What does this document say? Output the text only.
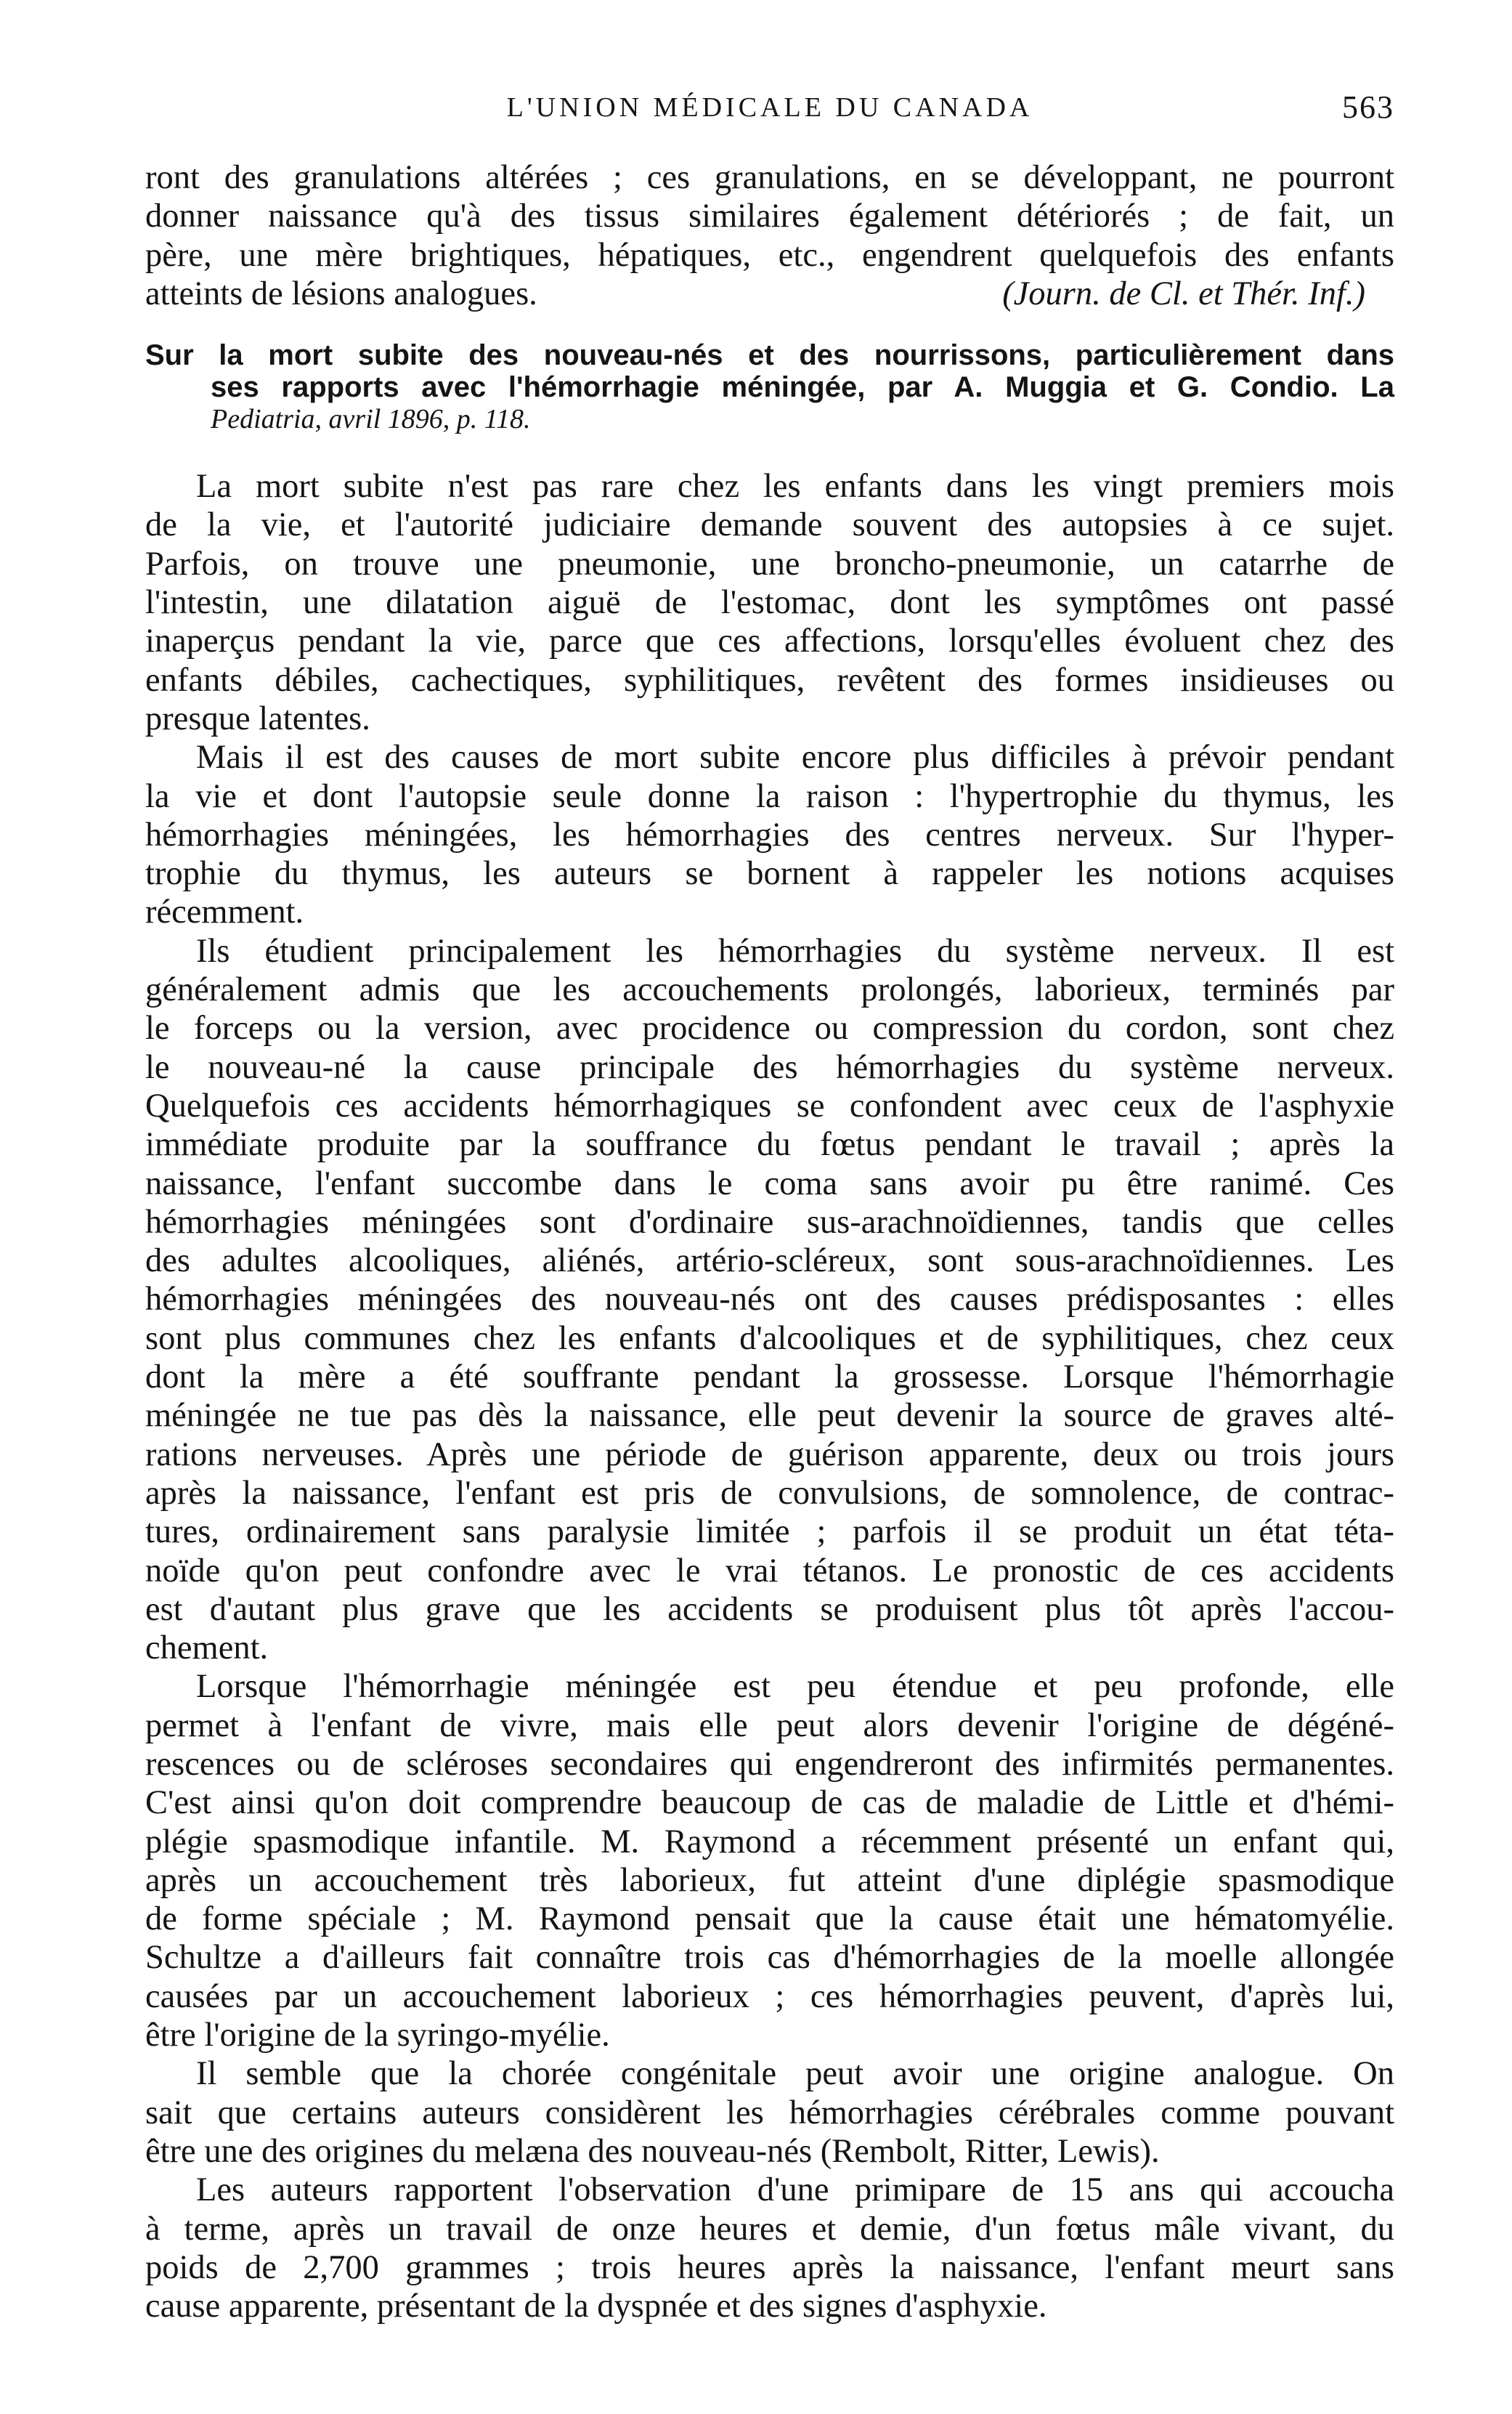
L'UNION MÉDICALE DU CANADA	563
ront des granulations altérées ; ces granulations, en se développant, ne pourront
donner naissance qu'à des tissus similaires également détériorés ; de fait, un
père, une mère brightiques, hépatiques, etc., engendrent quelquefois des enfants
atteints de lésions analogues.	(Journ. de Cl. et Thér. Inf.)
Sur la mort subite des nouveau-nés et des nourrissons, particulièrement dans
ses rapports avec l'hémorrhagie méningée, par A. Muggia et G. Condio. La
Pediatria, avril 1896, p. 118.
La mort subite n'est pas rare chez les enfants dans les vingt premiers mois
de la vie, et l'autorité judiciaire demande souvent des autopsies à ce sujet.
Parfois, on trouve une pneumonie, une broncho-pneumonie, un catarrhe de
l'intestin, une dilatation aiguë de l'estomac, dont les symptômes ont passé
inaperçus pendant la vie, parce que ces affections, lorsqu'elles évoluent chez des
enfants débiles, cachectiques, syphilitiques, revêtent des formes insidieuses ou
presque latentes.
Mais il est des causes de mort subite encore plus difficiles à prévoir pendant
la vie et dont l'autopsie seule donne la raison : l'hypertrophie du thymus, les
hémorrhagies méningées, les hémorrhagies des centres nerveux. Sur l'hyper-
trophie du thymus, les auteurs se bornent à rappeler les notions acquises
récemment.
Ils étudient principalement les hémorrhagies du système nerveux. Il est
généralement admis que les accouchements prolongés, laborieux, terminés par
le forceps ou la version, avec procidence ou compression du cordon, sont chez
le nouveau-né la cause principale des hémorrhagies du système nerveux.
Quelquefois ces accidents hémorrhagiques se confondent avec ceux de l'asphyxie
immédiate produite par la souffrance du fœtus pendant le travail ; après la
naissance, l'enfant succombe dans le coma sans avoir pu être ranimé. Ces
hémorrhagies méningées sont d'ordinaire sus-arachnoïdiennes, tandis que celles
des adultes alcooliques, aliénés, artério-scléreux, sont sous-arachnoïdiennes. Les
hémorrhagies méningées des nouveau-nés ont des causes prédisposantes : elles
sont plus communes chez les enfants d'alcooliques et de syphilitiques, chez ceux
dont la mère a été souffrante pendant la grossesse. Lorsque l'hémorrhagie
méningée ne tue pas dès la naissance, elle peut devenir la source de graves alté-
rations nerveuses. Après une période de guérison apparente, deux ou trois jours
après la naissance, l'enfant est pris de convulsions, de somnolence, de contrac-
tures, ordinairement sans paralysie limitée ; parfois il se produit un état téta-
noïde qu'on peut confondre avec le vrai tétanos. Le pronostic de ces accidents
est d'autant plus grave que les accidents se produisent plus tôt après l'accou-
chement.
Lorsque l'hémorrhagie méningée est peu étendue et peu profonde, elle
permet à l'enfant de vivre, mais elle peut alors devenir l'origine de dégéné-
rescences ou de scléroses secondaires qui engendreront des infirmités permanentes.
C'est ainsi qu'on doit comprendre beaucoup de cas de maladie de Little et d'hémi-
plégie spasmodique infantile. M. Raymond a récemment présenté un enfant qui,
après un accouchement très laborieux, fut atteint d'une diplégie spasmodique
de forme spéciale ; M. Raymond pensait que la cause était une hématomyélie.
Schultze a d'ailleurs fait connaître trois cas d'hémorrhagies de la moelle allongée
causées par un accouchement laborieux ; ces hémorrhagies peuvent, d'après lui,
être l'origine de la syringo-myélie.
Il semble que la chorée congénitale peut avoir une origine analogue. On
sait que certains auteurs considèrent les hémorrhagies cérébrales comme pouvant
être une des origines du melæna des nouveau-nés (Rembolt, Ritter, Lewis).
Les auteurs rapportent l'observation d'une primipare de 15 ans qui accoucha
à terme, après un travail de onze heures et demie, d'un fœtus mâle vivant, du
poids de 2,700 grammes ; trois heures après la naissance, l'enfant meurt sans
cause apparente, présentant de la dyspnée et des signes d'asphyxie.
